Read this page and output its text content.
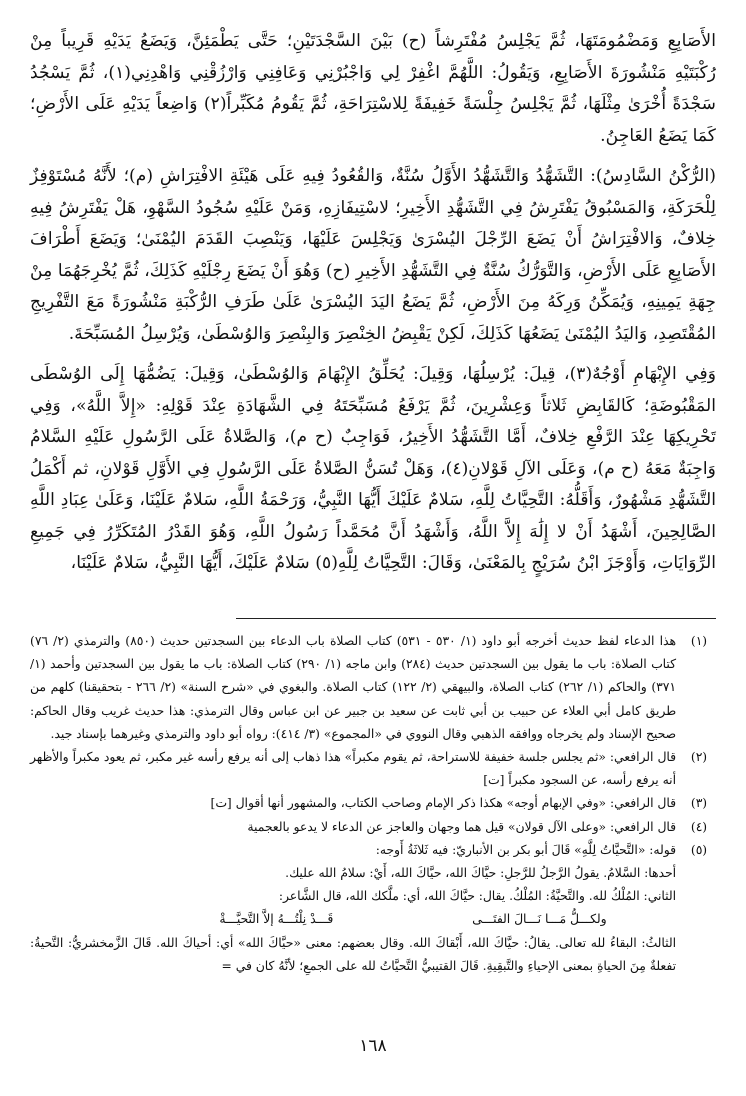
الأَصَابِعِ وَمَضْمُومَتَهَا، ثُمَّ يَجْلِسُ مُفْتَرِشاً (ح) بَيْنَ السَّجْدَتَيْنِ؛ حَتَّى يَطْمَئِنَّ، وَيَضَعُ يَدَيْهِ قَرِيباً مِنْ رُكْبَتَيْهِ مَنْشُورَةَ الأَصَابِعِ، وَيَقُولُ: اللَّهُمَّ اغْفِرْ لِي وَاجْبُرْنِي وَعَافِنِي وَارْزُقْنِي وَاهْدِنِي(١)، ثُمَّ يَسْجُدُ سَجْدَةً أُخْرَىٰ مِثْلَهَا، ثُمَّ يَجْلِسُ جِلْسَةً خَفِيفَةً لِلاسْتِرَاحَةِ، ثُمَّ يَقُومُ مُكَبِّراً(٢) وَاضِعاً يَدَيْهِ عَلَى الأَرْضِ؛ كَمَا يَضَعُ العَاجِنُ.

(الرُّكْنُ السَّادِسُ): التَّشَهُّدُ وَالتَّشَهُّدُ الأَوَّلُ سُنَّةٌ، وَالقُعُودُ فِيهِ عَلَى هَيْئَةِ الافْتِرَاشِ (م)؛ لأَنَّهُ مُسْتَوْفِزٌ لِلْحَرَكَةِ، وَالمَسْبُوقُ يَفْتَرِشُ فِي التَّشَهُّدِ الأَخِيرِ؛ لاسْتِيفَازِهِ، وَمَنْ عَلَيْهِ سُجُودُ السَّهْوِ، هَلْ يَفْتَرِشُ فِيهِ خِلافٌ، وَالافْتِرَاشُ أَنْ يَضَعَ الرِّجْلَ اليُسْرَىٰ وَيَجْلِسَ عَلَيْهَا، وَيَنْصِبَ القَدَمَ اليُمْنَىٰ؛ وَيَضَعَ أَطْرَافَ الأَصَابِعِ عَلَى الأَرْضِ، وَالتَّوَرُّكُ سُنَّةٌ فِي التَّشَهُّدِ الأَخِيرِ (ح) وَهُوَ أَنْ يَضَعَ رِجْلَيْهِ كَذَلِكَ، ثُمَّ يُخْرِجَهُمَا مِنْ جِهَةِ يَمِينِهِ، وَيُمَكِّنُ وَرِكَهُ مِنَ الأَرْضِ، ثُمَّ يَضَعُ اليَدَ اليُسْرَىٰ عَلَىٰ طَرَفِ الرُّكْبَةِ مَنْشُورَةً مَعَ التَّفْرِيجِ المُقْتَصِدِ، وَاليَدُ اليُمْنَىٰ يَضَعُهَا كَذَلِكَ، لَكِنْ يَقْبِضُ الخِنْصِرَ وَالبِنْصِرَ وَالوُسْطَىٰ، وَيُرْسِلُ المُسَبِّحَةَ.

وَفِي الإِبْهَامِ أَوْجُهٌ(٣)، قِيلَ: يُرْسِلُهَا، وَقِيلَ: يُحَلِّقُ الإِبْهَامَ وَالوُسْطَىٰ، وَقِيلَ: يَضُمُّهَا إِلَى الوُسْطَى المَقْبُوضَةِ؛ كَالقَابِضِ ثَلاثاً وَعِشْرِينَ، ثُمَّ يَرْفَعُ مُسَبِّحَتَهُ فِي الشَّهَادَةِ عِنْدَ قَوْلِهِ: «إِلاَّ اللَّهُ»، وَفِي تَحْرِيكِهَا عِنْدَ الرَّفْعِ خِلافٌ، أَمَّا التَّشَهُّدُ الأَخِيرُ، فَوَاجِبٌ (ح م)، وَالصَّلاةُ عَلَى الرَّسُولِ عَلَيْهِ السَّلامُ وَاجِبَةٌ مَعَهُ (ح م)، وَعَلَى الآلِ قَوْلانِ(٤)، وَهَلْ تُسَنُّ الصَّلاةُ عَلَى الرَّسُولِ فِي الأَوَّلِ قَوْلانِ، ثم أَكْمَلُ التَّشَهُّدِ مَشْهُورٌ، وَأَقَلُّهُ: التَّحِيَّاتُ لِلَّهِ، سَلامٌ عَلَيْكَ أَيُّهَا النَّبِيُّ، وَرَحْمَةُ اللَّهِ، سَلامٌ عَلَيْنَا، وَعَلَىٰ عِبَادِ اللَّهِ الصَّالِحِينَ، أَشْهَدُ أَنْ لا إِلَٰهَ إِلاَّ اللَّهُ، وَأَشْهَدُ أَنَّ مُحَمَّداً رَسُولُ اللَّهِ، وَهُوَ القَدْرُ المُتَكَرِّرُ فِي جَمِيعِ الرِّوَايَاتِ، وَأَوْجَزَ ابْنُ سُرَيْجٍ بِالمَعْنَىٰ، وَقَالَ: التَّحِيَّاتُ لِلَّهِ(٥) سَلامٌ عَلَيْكَ، أَيُّهَا النَّبِيُّ، سَلامٌ عَلَيْنَا،

(١)
هذا الدعاء لفظ حديث أخرجه أبو داود (١/ ٥٣٠ - ٥٣١) كتاب الصلاة باب الدعاء بين السجدتين حديث (٨٥٠) والترمذي (٢/ ٧٦) كتاب الصلاة: باب ما يقول بين السجدتين حديث (٢٨٤) وابن ماجه (١/ ٢٩٠) كتاب الصلاة: باب ما يقول بين السجدتين وأحمد (١/ ٣٧١) والحاكم (١/ ٢٦٢) كتاب الصلاة، والبيهقي (٢/ ١٢٢) كتاب الصلاة. والبغوي في «شرح السنة» (٢/ ٢٦٦ - بتحقيقنا) كلهم من طريق كامل أبي العلاء عن حبيب بن أبي ثابت عن سعيد بن جبير عن ابن عباس وقال الترمذي: هذا حديث غريب وقال الحاكم: صحيح الإسناد ولم يخرجاه ووافقه الذهبي وقال النووي في «المجموع» (٣/ ٤١٤): رواه أبو داود والترمذي وغيرهما بإسناد جيد.
(٢)
قال الرافعي: «ثم يجلس جلسة خفيفة للاستراحة، ثم يقوم مكبراً» هذا ذهاب إلى أنه يرفع رأسه غير مكبر، ثم يعود مكبراً والأظهر أنه يرفع رأسه، عن السجود مكبراً [ت]
(٣)
قال الرافعي: «وفي الإبهام أوجه» هكذا ذكر الإمام وصاحب الكتاب، والمشهور أنها أقوال [ت]
(٤)
قال الرافعي: «وعلى الآل قولان» قيل هما وجهان والعاجز عن الدعاء لا يدعو بالعجمية
(٥)
قوله: «التَّحيَّاتُ لِلَّهِ» قَالَ أبو بكر بن الأنباريّ: فيه ثَلاثَةُ أَوجه:
أحدها: السَّلامُ. يقولُ الرَّجلُ للرَّجلِ: حيَّاكَ الله، حيَّاكَ الله، أَيْ: سلامُ الله عليك.
الثاني: المُلْكُ لله. والتَّحيَّةُ: المُلْكُ. يقال: حيَّاكَ الله، أي: ملَّكك الله، قال الشَّاعر:
ولكـــلُّ مَـــا نَـــالَ الفتَـــى
قَـــدْ نِلْتُـــهُ إلاَّ التَّحيَّـــةْ
الثالثُ: البقاءُ لله تعالى. يقالُ: حيَّاكَ الله، أَبْقاكَ الله. وقال بعضهم: معنى «حيَّاكَ الله» أي: أحياكَ الله. قَالَ الزَّمخشريُّ: التَّحيةُ: تفعلةٌ مِنَ الحياةِ بمعنى الإحياءِ والتَّبقِيةِ. قَالَ القتيبيُّ التَّحيَّاتُ لله على الجمعِ؛ لأنَّهُ كان في =
١٦٨
